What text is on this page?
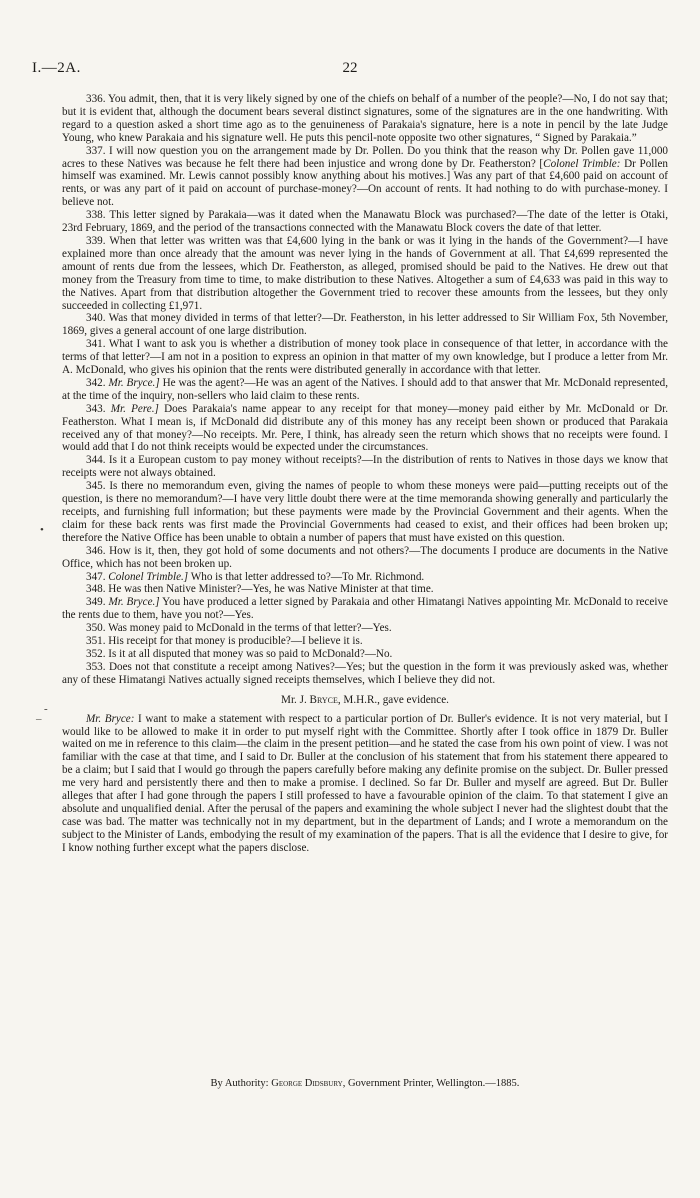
I.—2A.	22

336. You admit, then, that it is very likely signed by one of the chiefs on behalf of a number of the people?—No, I do not say that; but it is evident that, although the document bears several distinct signatures, some of the signatures are in the one handwriting. With regard to a question asked a short time ago as to the genuineness of Parakaia's signature, here is a note in pencil by the late Judge Young, who knew Parakaia and his signature well. He puts this pencil-note opposite two other signatures, “ Signed by Parakaia.”

337. I will now question you on the arrangement made by Dr. Pollen. Do you think that the reason why Dr. Pollen gave 11,000 acres to these Natives was because he felt there had been injustice and wrong done by Dr. Featherston? [Colonel Trimble: Dr Pollen himself was examined. Mr. Lewis cannot possibly know anything about his motives.] Was any part of that £4,600 paid on account of rents, or was any part of it paid on account of purchase-money?—On account of rents. It had nothing to do with purchase-money. I believe not.

338. This letter signed by Parakaia—was it dated when the Manawatu Block was purchased?—The date of the letter is Otaki, 23rd February, 1869, and the period of the transactions connected with the Manawatu Block covers the date of that letter.

339. When that letter was written was that £4,600 lying in the bank or was it lying in the hands of the Government?—I have explained more than once already that the amount was never lying in the hands of Government at all. That £4,699 represented the amount of rents due from the lessees, which Dr. Featherston, as alleged, promised should be paid to the Natives. He drew out that money from the Treasury from time to time, to make distribution to these Natives. Altogether a sum of £4,633 was paid in this way to the Natives. Apart from that distribution altogether the Government tried to recover these amounts from the lessees, but they only succeeded in collecting £1,971.

340. Was that money divided in terms of that letter?—Dr. Featherston, in his letter addressed to Sir William Fox, 5th November, 1869, gives a general account of one large distribution.

341. What I want to ask you is whether a distribution of money took place in consequence of that letter, in accordance with the terms of that letter?—I am not in a position to express an opinion in that matter of my own knowledge, but I produce a letter from Mr. A. McDonald, who gives his opinion that the rents were distributed generally in accordance with that letter.

342. Mr. Bryce.] He was the agent?—He was an agent of the Natives. I should add to that answer that Mr. McDonald represented, at the time of the inquiry, non-sellers who laid claim to these rents.

343. Mr. Pere.] Does Parakaia's name appear to any receipt for that money—money paid either by Mr. McDonald or Dr. Featherston. What I mean is, if McDonald did distribute any of this money has any receipt been shown or produced that Parakaia received any of that money?—No receipts. Mr. Pere, I think, has already seen the return which shows that no receipts were found. I would add that I do not think receipts would be expected under the circumstances.

344. Is it a European custom to pay money without receipts?—In the distribution of rents to Natives in those days we know that receipts were not always obtained.

345. Is there no memorandum even, giving the names of people to whom these moneys were paid—putting receipts out of the question, is there no memorandum?—I have very little doubt there were at the time memoranda showing generally and particularly the receipts, and furnishing full information; but these payments were made by the Provincial Government and their agents. When the claim for these back rents was first made the Provincial Governments had ceased to exist, and their offices had been broken up; therefore the Native Office has been unable to obtain a number of papers that must have existed on this question.

346. How is it, then, they got hold of some documents and not others?—The documents I produce are documents in the Native Office, which has not been broken up.

347. Colonel Trimble.] Who is that letter addressed to?—To Mr. Richmond.

348. He was then Native Minister?—Yes, he was Native Minister at that time.

349. Mr. Bryce.] You have produced a letter signed by Parakaia and other Himatangi Natives appointing Mr. McDonald to receive the rents due to them, have you not?—Yes.

350. Was money paid to McDonald in the terms of that letter?—Yes.

351. His receipt for that money is producible?—I believe it is.

352. Is it at all disputed that money was so paid to McDonald?—No.

353. Does not that constitute a receipt among Natives?—Yes; but the question in the form it was previously asked was, whether any of these Himatangi Natives actually signed receipts themselves, which I believe they did not.

Mr. J. Bryce, M.H.R., gave evidence.

Mr. Bryce: I want to make a statement with respect to a particular portion of Dr. Buller's evidence. It is not very material, but I would like to be allowed to make it in order to put myself right with the Committee. Shortly after I took office in 1879 Dr. Buller waited on me in reference to this claim—the claim in the present petition—and he stated the case from his own point of view. I was not familiar with the case at that time, and I said to Dr. Buller at the conclusion of his statement that from his statement there appeared to be a claim; but I said that I would go through the papers carefully before making any definite promise on the subject. Dr. Buller pressed me very hard and persistently there and then to make a promise. I declined. So far Dr. Buller and myself are agreed. But Dr. Buller alleges that after I had gone through the papers I still professed to have a favourable opinion of the claim. To that statement I give an absolute and unqualified denial. After the perusal of the papers and examining the whole subject I never had the slightest doubt that the case was bad. The matter was technically not in my department, but in the department of Lands; and I wrote a memorandum on the subject to the Minister of Lands, embodying the result of my examination of the papers. That is all the evidence that I desire to give, for I know nothing further except what the papers disclose.

By Authority: George Didsbury, Government Printer, Wellington.—1885.
•
-
–
